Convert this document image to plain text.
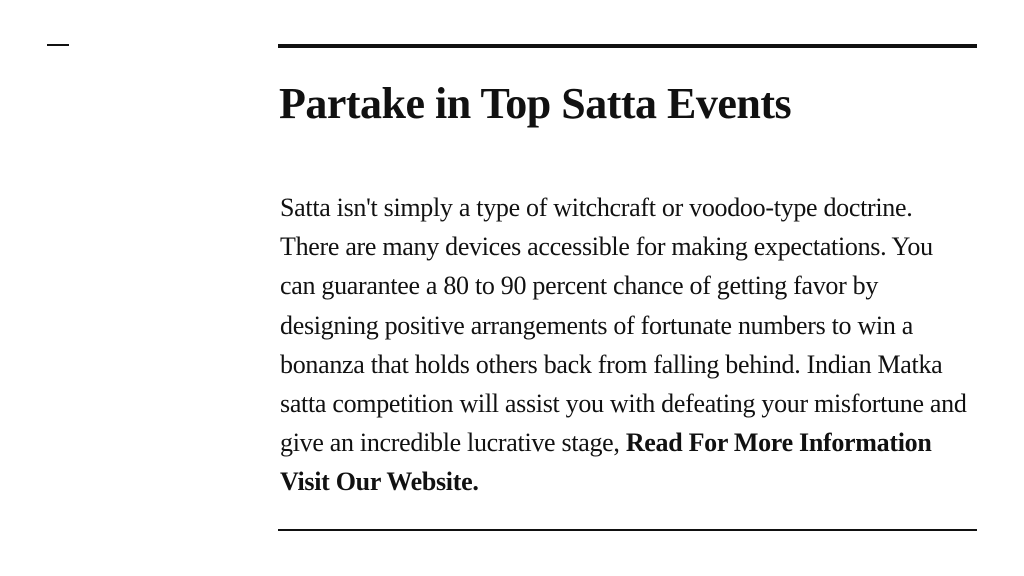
Partake in Top Satta Events

Satta isn't simply a type of witchcraft or voodoo-type doctrine. There are many devices accessible for making expectations. You can guarantee a 80 to 90 percent chance of getting favor by designing positive arrangements of fortunate numbers to win a bonanza that holds others back from falling behind. Indian Matka satta competition will assist you with defeating your misfortune and give an incredible lucrative stage, Read For More Information Visit Our Website.
